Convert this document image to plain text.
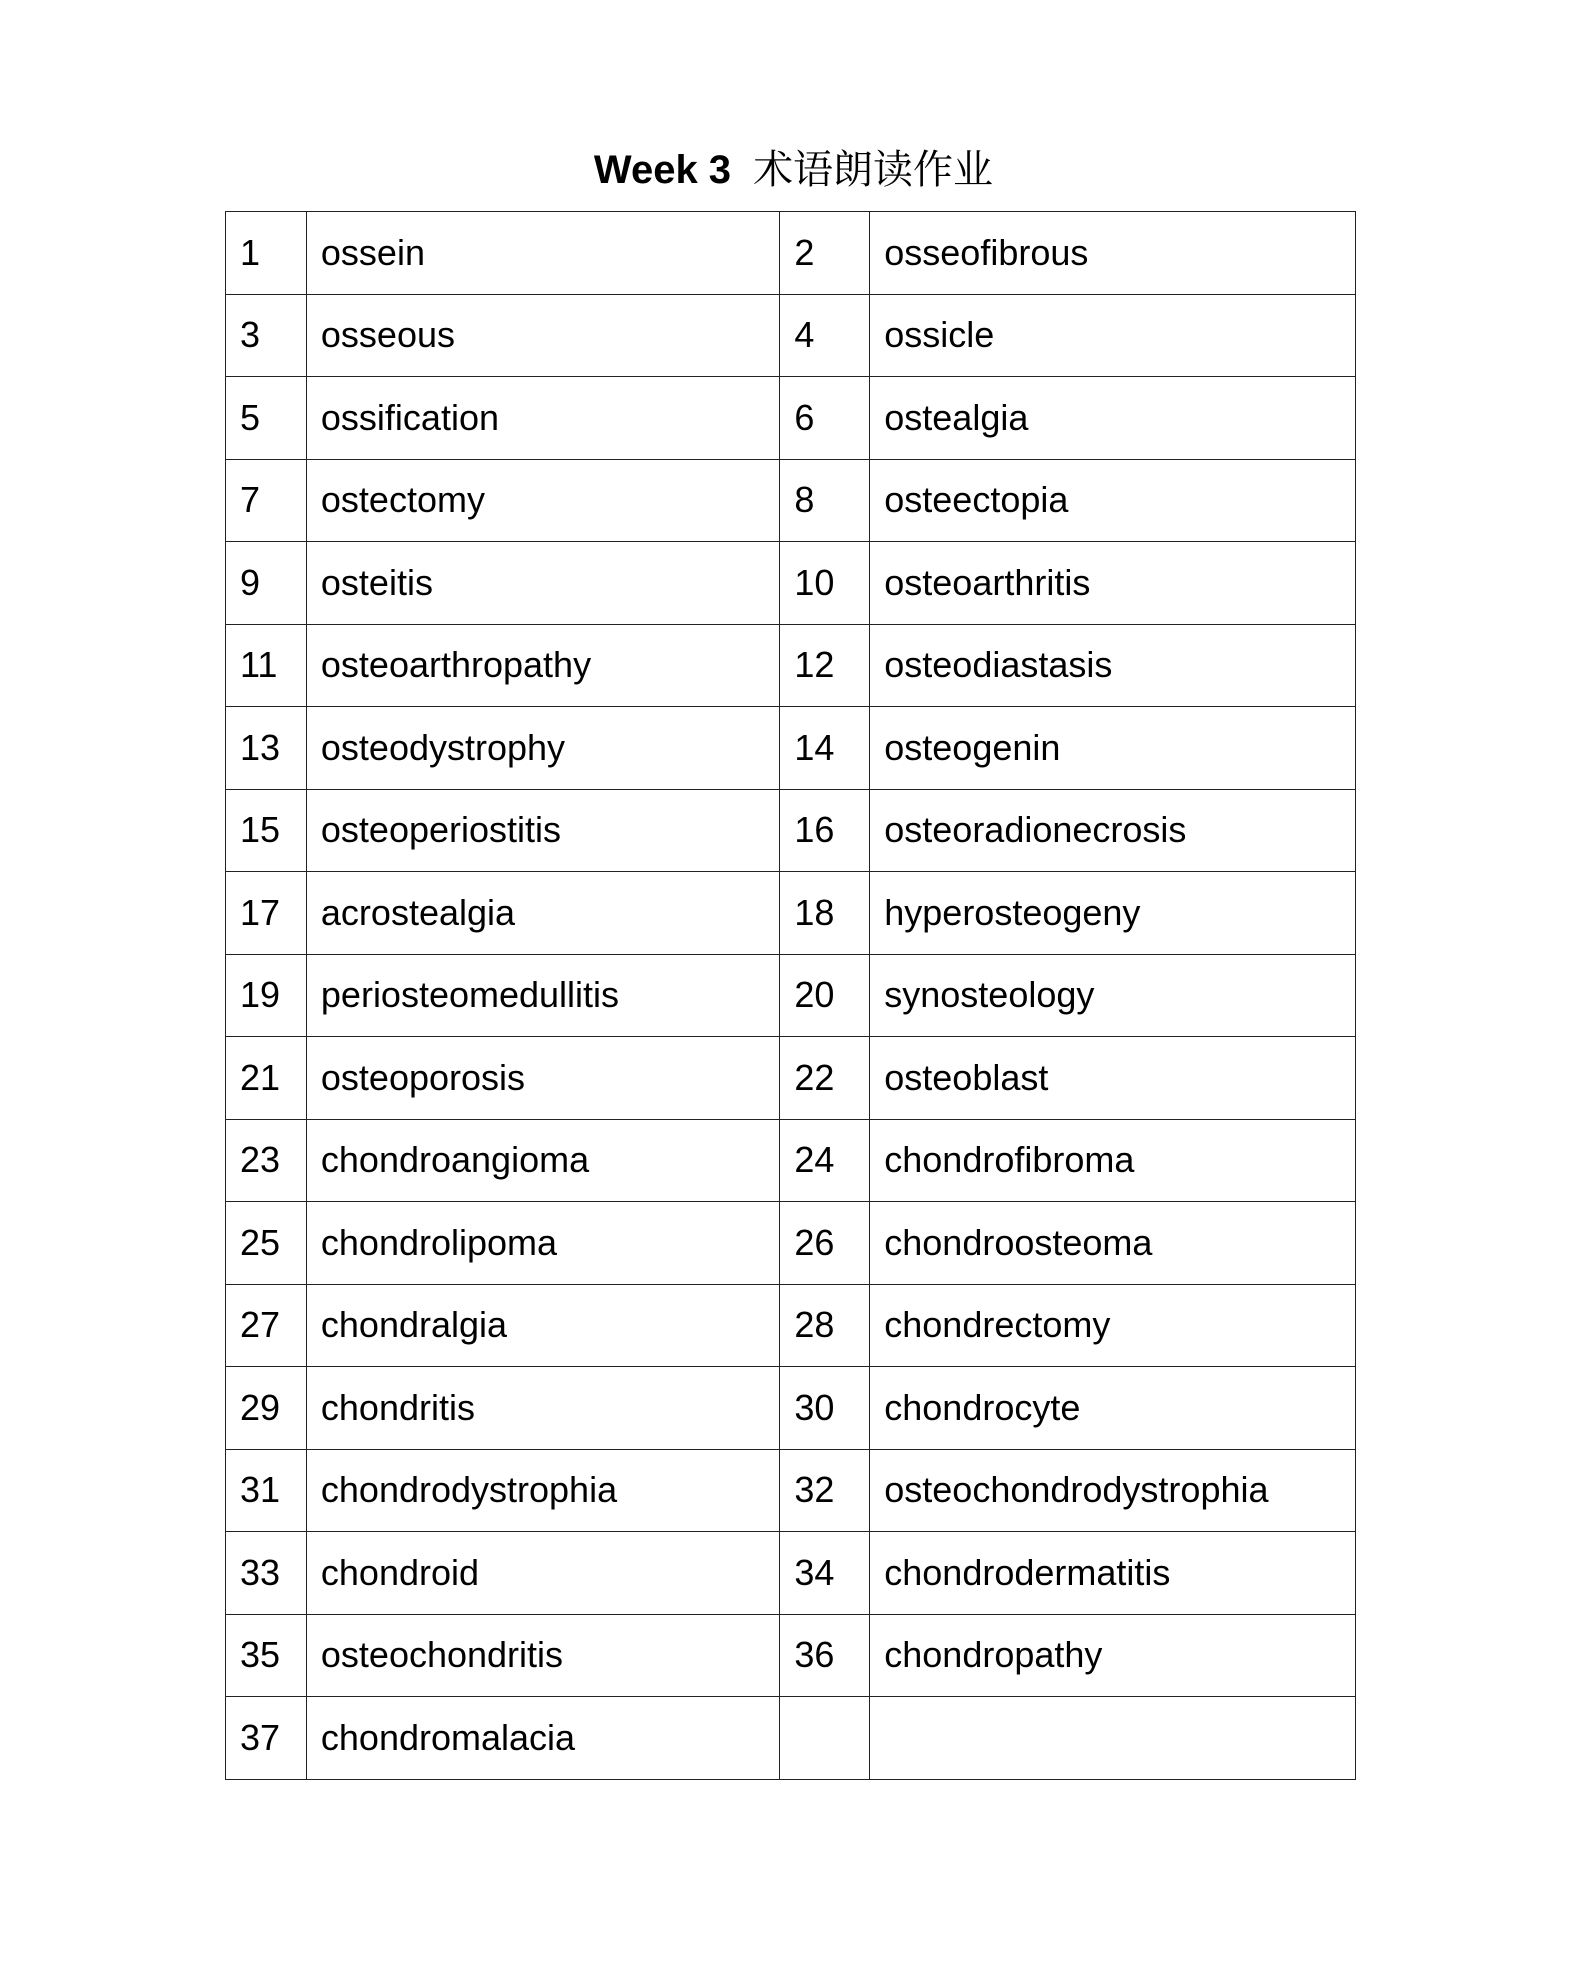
Week 3 术语朗读作业
1	ossein	2	osseofibrous
3	osseous	4	ossicle
5	ossification	6	ostealgia
7	ostectomy	8	osteectopia
9	osteitis	10	osteoarthritis
11	osteoarthropathy	12	osteodiastasis
13	osteodystrophy	14	osteogenin
15	osteoperiostitis	16	osteoradionecrosis
17	acrostealgia	18	hyperosteogeny
19	periosteomedullitis	20	synosteology
21	osteoporosis	22	osteoblast
23	chondroangioma	24	chondrofibroma
25	chondrolipoma	26	chondroosteoma
27	chondralgia	28	chondrectomy
29	chondritis	30	chondrocyte
31	chondrodystrophia	32	osteochondrodystrophia
33	chondroid	34	chondrodermatitis
35	osteochondritis	36	chondropathy
37	chondromalacia		
